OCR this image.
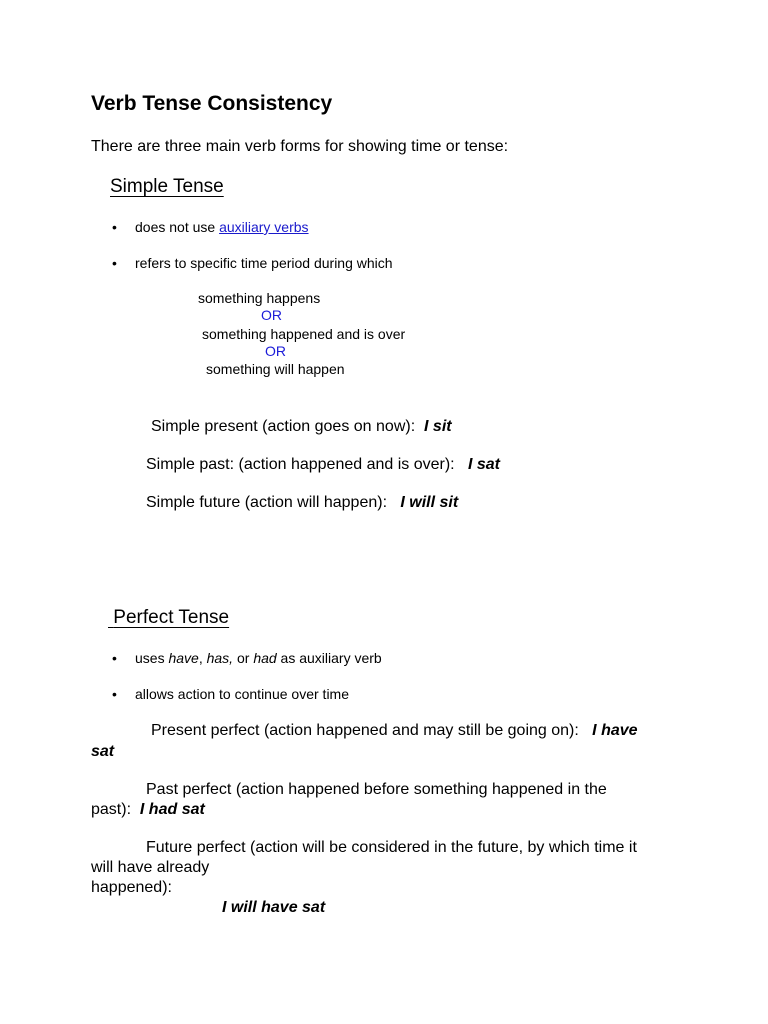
Verb Tense Consistency
There are three main verb forms for showing time or tense:
Simple Tense
• does not use auxiliary verbs
• refers to specific time period during which
something happens
OR
something happened and is over
OR
something will happen
Simple present (action goes on now): I sit
Simple past: (action happened and is over): I sat
Simple future (action will happen): I will sit
Perfect Tense
• uses have, has, or had as auxiliary verb
• allows action to continue over time
Present perfect (action happened and may still be going on): I have
sat
Past perfect (action happened before something happened in the
past): I had sat
Future perfect (action will be considered in the future, by which time it
will have already
happened):
I will have sat
